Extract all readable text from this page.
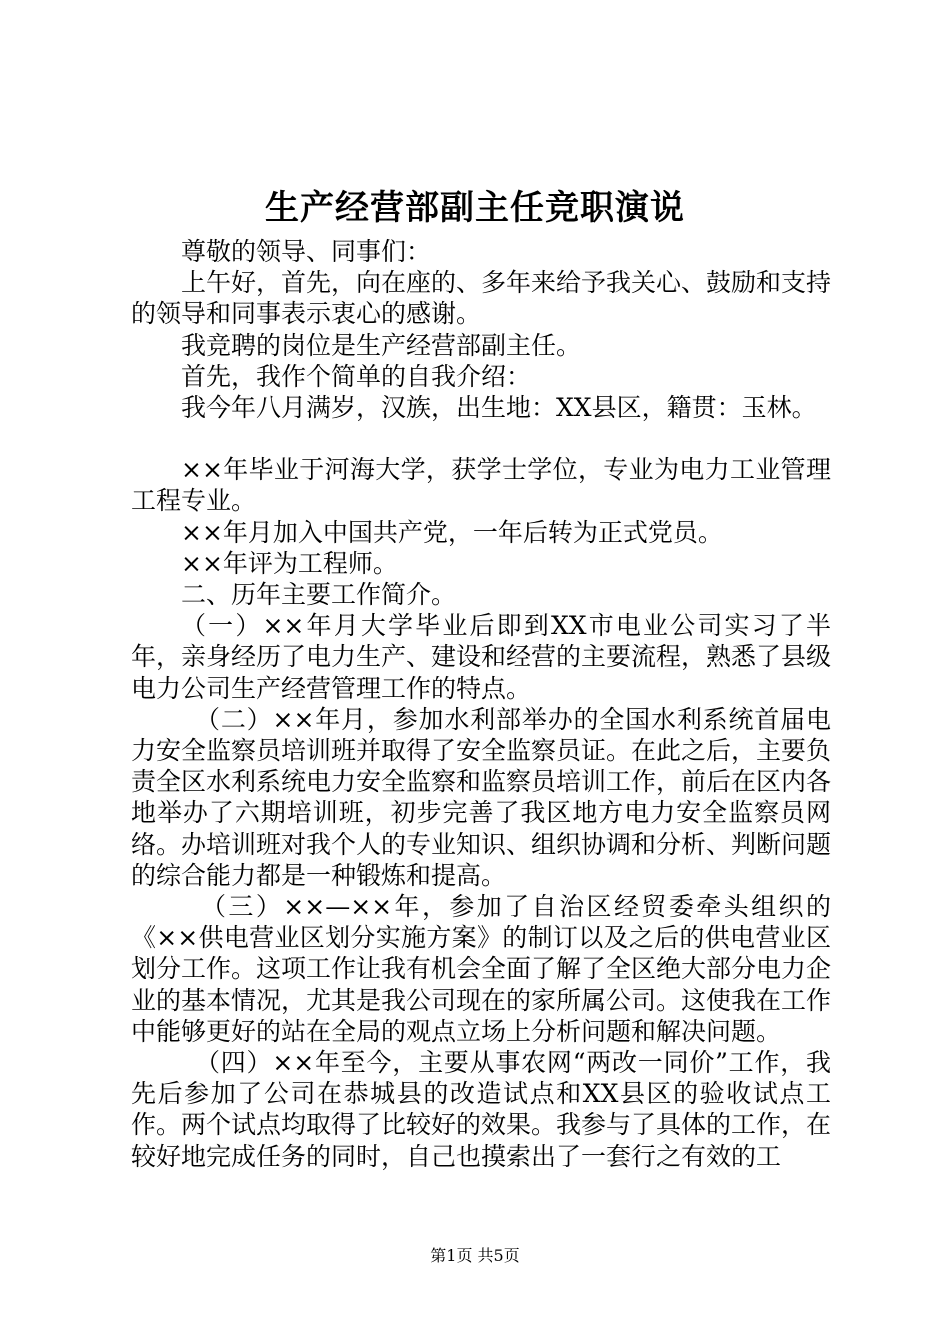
生产经营部副主任竞职演说

尊敬的领导、同事们：

上午好，首先，向在座的、多年来给予我关心、鼓励和支持的领导和同事表示衷心的感谢。

我竞聘的岗位是生产经营部副主任。

首先，我作个简单的自我介绍：

我今年八月满岁，汉族，出生地：XX县区，籍贯：玉林。

××年毕业于河海大学，获学士学位，专业为电力工业管理工程专业。

××年月加入中国共产党，一年后转为正式党员。

××年评为工程师。

二、历年主要工作简介。

（一）××年月大学毕业后即到XX市电业公司实习了半年，亲身经历了电力生产、建设和经营的主要流程，熟悉了县级电力公司生产经营管理工作的特点。

（二）××年月，参加水利部举办的全国水利系统首届电力安全监察员培训班并取得了安全监察员证。在此之后，主要负责全区水利系统电力安全监察和监察员培训工作，前后在区内各地举办了六期培训班，初步完善了我区地方电力安全监察员网络。办培训班对我个人的专业知识、组织协调和分析、判断问题的综合能力都是一种锻炼和提高。

（三）××—××年，参加了自治区经贸委牵头组织的《××供电营业区划分实施方案》的制订以及之后的供电营业区划分工作。这项工作让我有机会全面了解了全区绝大部分电力企业的基本情况，尤其是我公司现在的家所属公司。这使我在工作中能够更好的站在全局的观点立场上分析问题和解决问题。

（四）××年至今，主要从事农网“两改一同价”工作，我先后参加了公司在恭城县的改造试点和XX县区的验收试点工作。两个试点均取得了比较好的效果。我参与了具体的工作，在较好地完成任务的同时，自己也摸索出了一套行之有效的工

第1页 共5页
